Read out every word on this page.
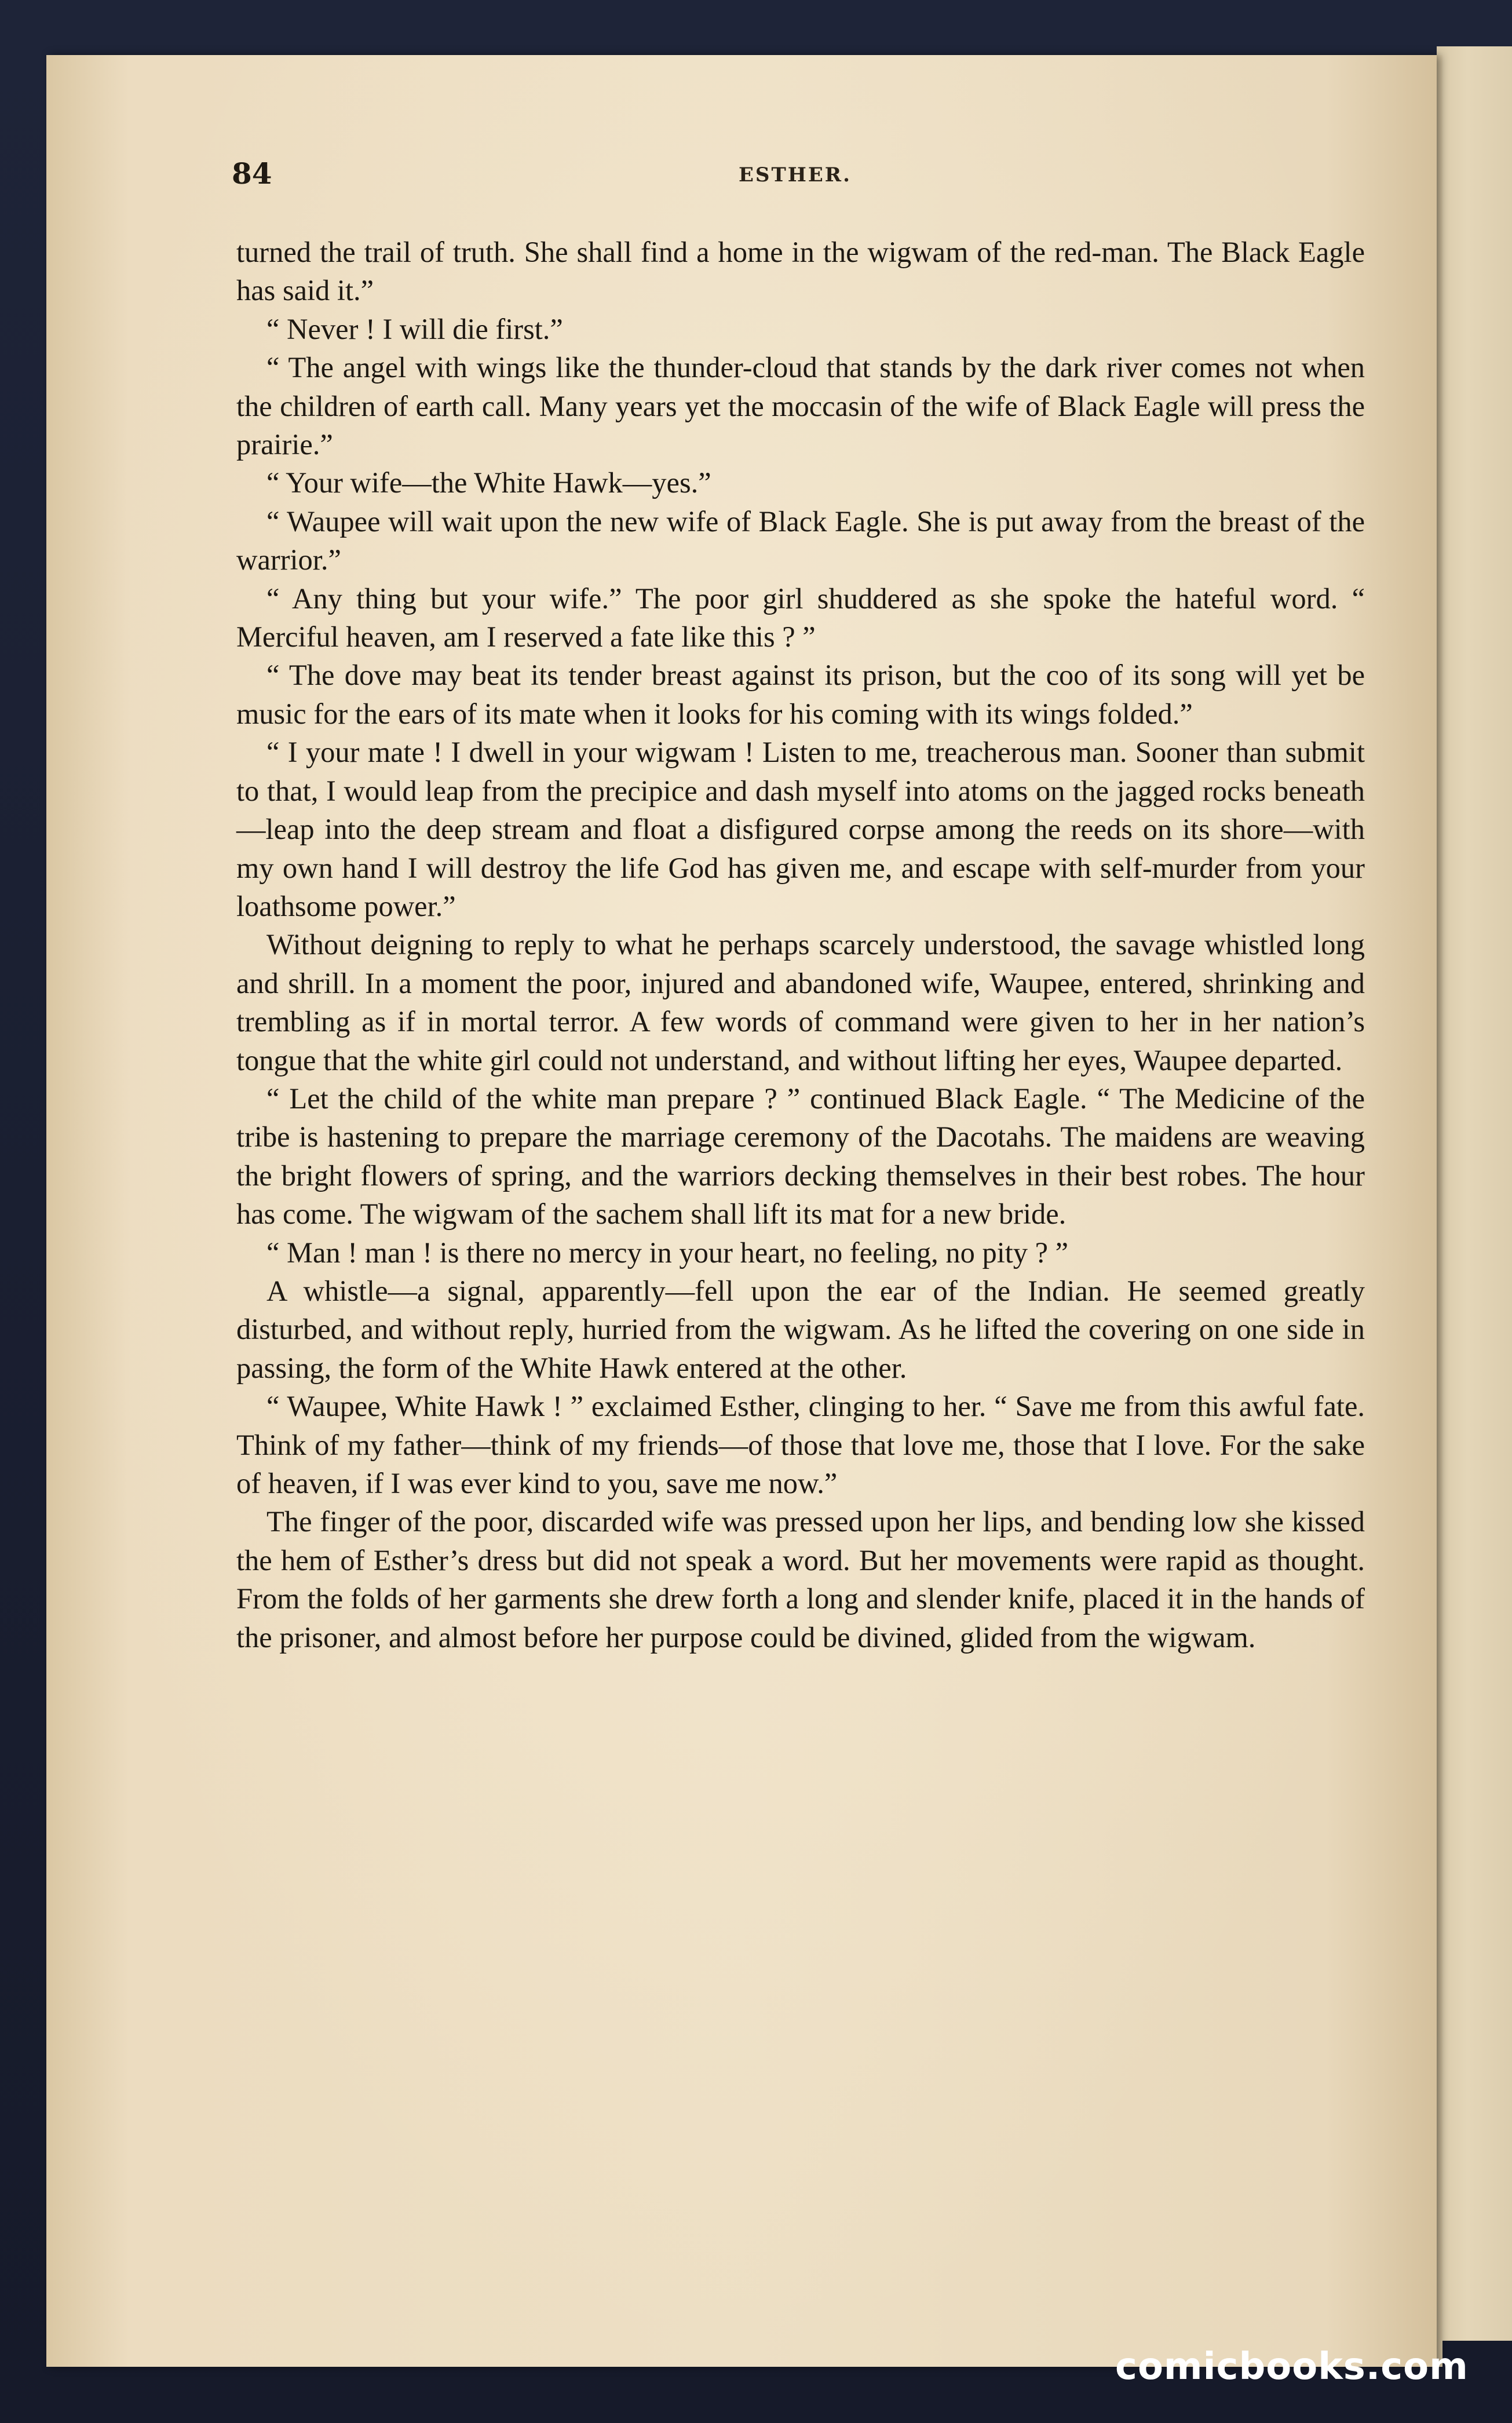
84	ESTHER.

turned the trail of truth. She shall find a home in the wigwam of the red-man. The Black Eagle has said it.”

“ Never ! I will die first.”

“ The angel with wings like the thunder-cloud that stands by the dark river comes not when the children of earth call. Many years yet the moccasin of the wife of Black Eagle will press the prairie.”

“ Your wife—the White Hawk—yes.”

“ Waupee will wait upon the new wife of Black Eagle. She is put away from the breast of the warrior.”

“ Any thing but your wife.” The poor girl shuddered as she spoke the hateful word. “ Merciful heaven, am I reserved a fate like this ? ”

“ The dove may beat its tender breast against its prison, but the coo of its song will yet be music for the ears of its mate when it looks for his coming with its wings folded.”

“ I your mate ! I dwell in your wigwam ! Listen to me, treacherous man. Sooner than submit to that, I would leap from the precipice and dash myself into atoms on the jagged rocks beneath—leap into the deep stream and float a disfigured corpse among the reeds on its shore—with my own hand I will destroy the life God has given me, and escape with self-murder from your loathsome power.”

Without deigning to reply to what he perhaps scarcely understood, the savage whistled long and shrill. In a moment the poor, injured and abandoned wife, Waupee, entered, shrinking and trembling as if in mortal terror. A few words of command were given to her in her nation’s tongue that the white girl could not understand, and without lifting her eyes, Waupee departed.

“ Let the child of the white man prepare ? ” continued Black Eagle. “ The Medicine of the tribe is hastening to prepare the marriage ceremony of the Dacotahs. The maidens are weaving the bright flowers of spring, and the warriors decking themselves in their best robes. The hour has come. The wigwam of the sachem shall lift its mat for a new bride.

“ Man ! man ! is there no mercy in your heart, no feeling, no pity ? ”

A whistle—a signal, apparently—fell upon the ear of the Indian. He seemed greatly disturbed, and without reply, hurried from the wigwam. As he lifted the covering on one side in passing, the form of the White Hawk entered at the other.

“ Waupee, White Hawk ! ” exclaimed Esther, clinging to her. “ Save me from this awful fate. Think of my father—think of my friends—of those that love me, those that I love. For the sake of heaven, if I was ever kind to you, save me now.”

The finger of the poor, discarded wife was pressed upon her lips, and bending low she kissed the hem of Esther’s dress but did not speak a word. But her movements were rapid as thought. From the folds of her garments she drew forth a long and slender knife, placed it in the hands of the prisoner, and almost before her purpose could be divined, glided from the wigwam.

comicbooks.com
